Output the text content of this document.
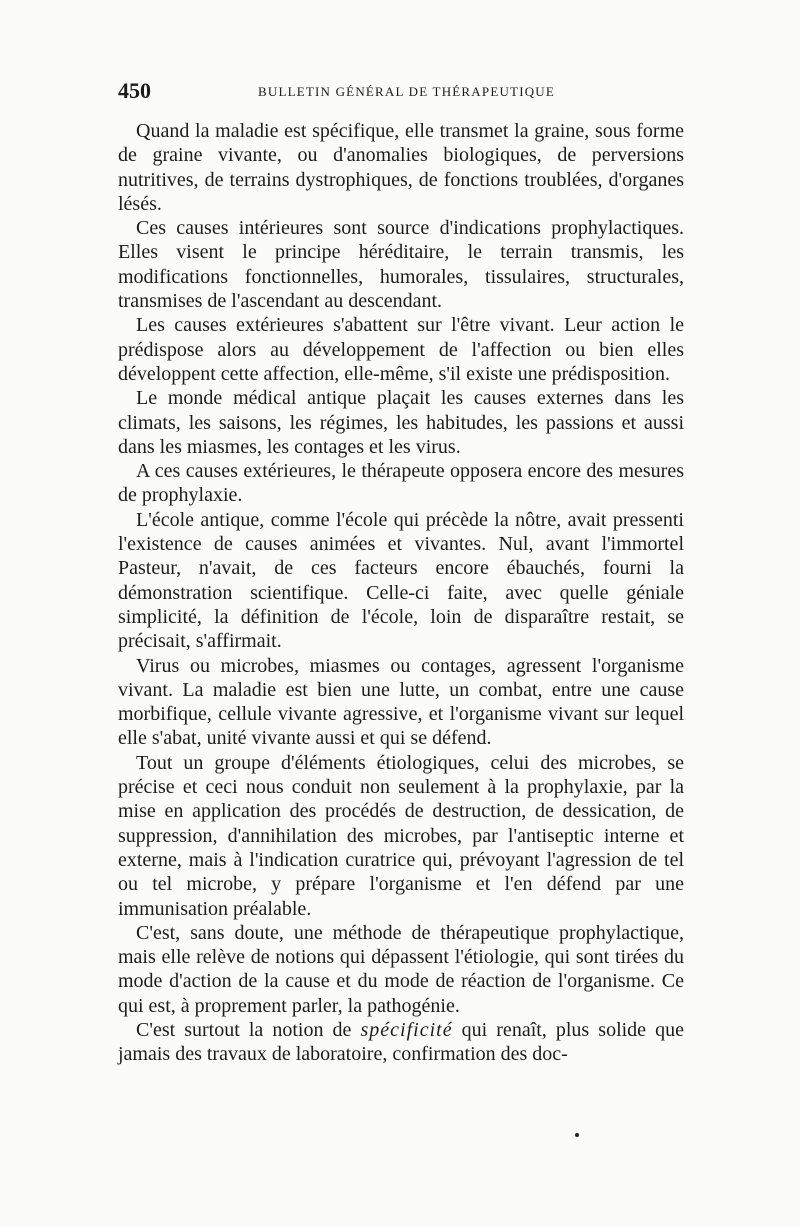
450	BULLETIN GÉNÉRAL DE THÉRAPEUTIQUE

Quand la maladie est spécifique, elle transmet la graine, sous forme de graine vivante, ou d'anomalies biologiques, de perversions nutritives, de terrains dystrophiques, de fonctions troublées, d'organes lésés.

Ces causes intérieures sont source d'indications prophylactiques. Elles visent le principe héréditaire, le terrain transmis, les modifications fonctionnelles, humorales, tissulaires, structurales, transmises de l'ascendant au descendant.

Les causes extérieures s'abattent sur l'être vivant. Leur action le prédispose alors au développement de l'affection ou bien elles développent cette affection, elle-même, s'il existe une prédisposition.

Le monde médical antique plaçait les causes externes dans les climats, les saisons, les régimes, les habitudes, les passions et aussi dans les miasmes, les contages et les virus.

A ces causes extérieures, le thérapeute opposera encore des mesures de prophylaxie.

L'école antique, comme l'école qui précède la nôtre, avait pressenti l'existence de causes animées et vivantes. Nul, avant l'immortel Pasteur, n'avait, de ces facteurs encore ébauchés, fourni la démonstration scientifique. Celle-ci faite, avec quelle géniale simplicité, la définition de l'école, loin de disparaître restait, se précisait, s'affirmait.

Virus ou microbes, miasmes ou contages, agressent l'organisme vivant. La maladie est bien une lutte, un combat, entre une cause morbifique, cellule vivante agressive, et l'organisme vivant sur lequel elle s'abat, unité vivante aussi et qui se défend.

Tout un groupe d'éléments étiologiques, celui des microbes, se précise et ceci nous conduit non seulement à la prophylaxie, par la mise en application des procédés de destruction, de dessication, de suppression, d'annihilation des microbes, par l'antiseptic interne et externe, mais à l'indication curatrice qui, prévoyant l'agression de tel ou tel microbe, y prépare l'organisme et l'en défend par une immunisation préalable.

C'est, sans doute, une méthode de thérapeutique prophylactique, mais elle relève de notions qui dépassent l'étiologie, qui sont tirées du mode d'action de la cause et du mode de réaction de l'organisme. Ce qui est, à proprement parler, la pathogénie.

C'est surtout la notion de spécificité qui renaît, plus solide que jamais des travaux de laboratoire, confirmation des doc-
